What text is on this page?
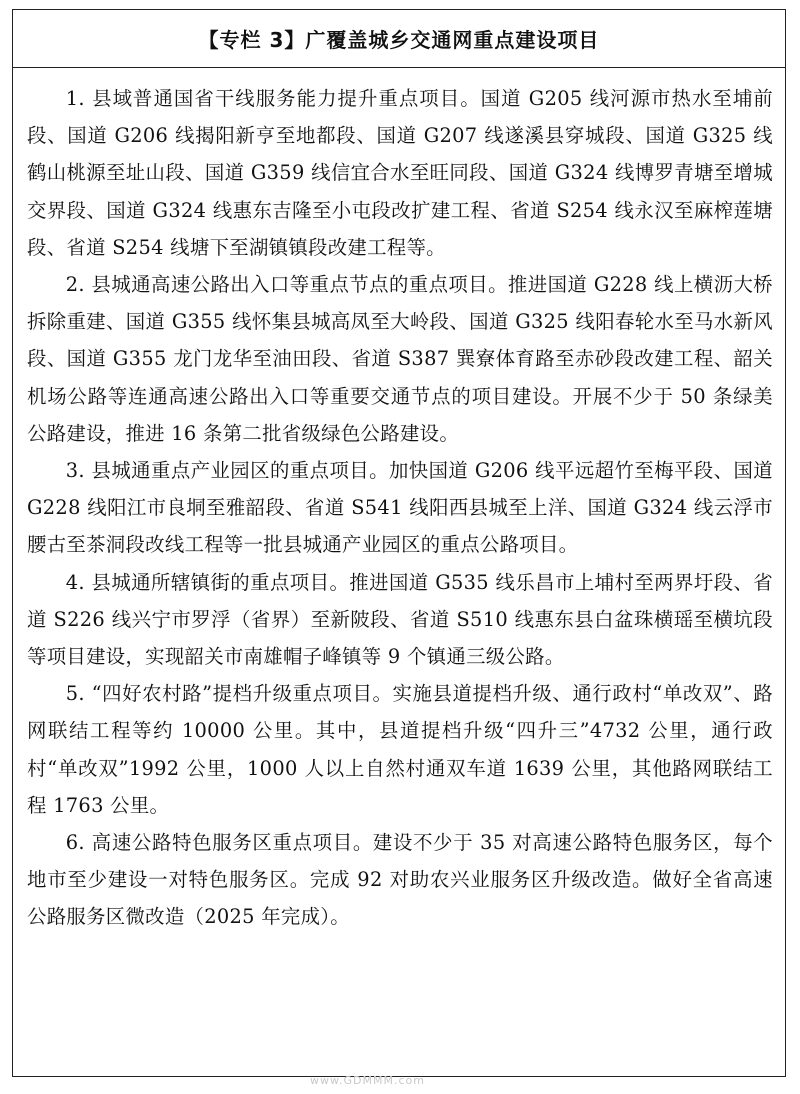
【专栏 3】广覆盖城乡交通网重点建设项目

1. 县域普通国省干线服务能力提升重点项目。国道 G205 线河源市热水至埔前段、国道 G206 线揭阳新亨至地都段、国道 G207 线遂溪县穿城段、国道 G325 线鹤山桃源至址山段、国道 G359 线信宜合水至旺同段、国道 G324 线博罗青塘至增城交界段、国道 G324 线惠东吉隆至小屯段改扩建工程、省道 S254 线永汉至麻榨莲塘段、省道 S254 线塘下至湖镇镇段改建工程等。

2. 县城通高速公路出入口等重点节点的重点项目。推进国道 G228 线上横沥大桥拆除重建、国道 G355 线怀集县城高凤至大岭段、国道 G325 线阳春轮水至马水新风段、国道 G355 龙门龙华至油田段、省道 S387 巽寮体育路至赤砂段改建工程、韶关机场公路等连通高速公路出入口等重要交通节点的项目建设。开展不少于 50 条绿美公路建设，推进 16 条第二批省级绿色公路建设。

3. 县城通重点产业园区的重点项目。加快国道 G206 线平远超竹至梅平段、国道 G228 线阳江市良垌至雅韶段、省道 S541 线阳西县城至上洋、国道 G324 线云浮市腰古至茶洞段改线工程等一批县城通产业园区的重点公路项目。

4. 县城通所辖镇街的重点项目。推进国道 G535 线乐昌市上埔村至两界圩段、省道 S226 线兴宁市罗浮（省界）至新陂段、省道 S510 线惠东县白盆珠横瑶至横坑段等项目建设，实现韶关市南雄帽子峰镇等 9 个镇通三级公路。

5. “四好农村路”提档升级重点项目。实施县道提档升级、通行政村“单改双”、路网联结工程等约 10000 公里。其中，县道提档升级“四升三”4732 公里，通行政村“单改双”1992 公里，1000 人以上自然村通双车道 1639 公里，其他路网联结工程 1763 公里。

6. 高速公路特色服务区重点项目。建设不少于 35 对高速公路特色服务区，每个地市至少建设一对特色服务区。完成 92 对助农兴业服务区升级改造。做好全省高速公路服务区微改造（2025 年完成）。

www.GDMMM.com
